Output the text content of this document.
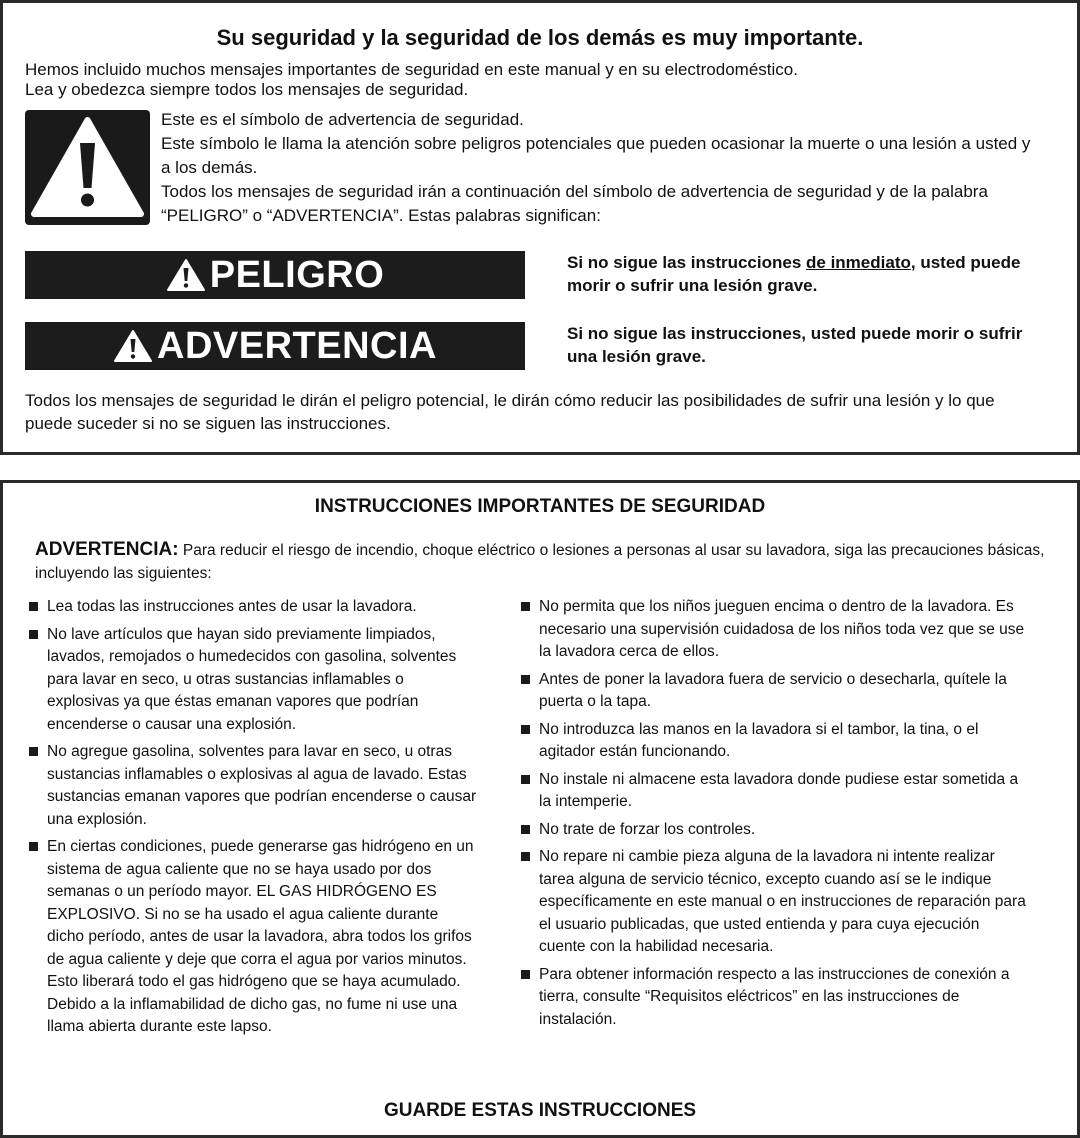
Su seguridad y la seguridad de los demás es muy importante.
Hemos incluido muchos mensajes importantes de seguridad en este manual y en su electrodoméstico.
Lea y obedezca siempre todos los mensajes de seguridad.
Este es el símbolo de advertencia de seguridad.
Este símbolo le llama la atención sobre peligros potenciales que pueden ocasionar la muerte o una lesión a usted y a los demás.
Todos los mensajes de seguridad irán a continuación del símbolo de advertencia de seguridad y de la palabra “PELIGRO” o “ADVERTENCIA”. Estas palabras significan:
PELIGRO	Si no sigue las instrucciones de inmediato, usted puede morir o sufrir una lesión grave.
ADVERTENCIA	Si no sigue las instrucciones, usted puede morir o sufrir una lesión grave.
Todos los mensajes de seguridad le dirán el peligro potencial, le dirán cómo reducir las posibilidades de sufrir una lesión y lo que puede suceder si no se siguen las instrucciones.
INSTRUCCIONES IMPORTANTES DE SEGURIDAD
ADVERTENCIA: Para reducir el riesgo de incendio, choque eléctrico o lesiones a personas al usar su lavadora, siga las precauciones básicas, incluyendo las siguientes:
Lea todas las instrucciones antes de usar la lavadora.
No lave artículos que hayan sido previamente limpiados, lavados, remojados o humedecidos con gasolina, solventes para lavar en seco, u otras sustancias inflamables o explosivas ya que éstas emanan vapores que podrían encenderse o causar una explosión.
No agregue gasolina, solventes para lavar en seco, u otras sustancias inflamables o explosivas al agua de lavado. Estas sustancias emanan vapores que podrían encenderse o causar una explosión.
En ciertas condiciones, puede generarse gas hidrógeno en un sistema de agua caliente que no se haya usado por dos semanas o un período mayor. EL GAS HIDRÓGENO ES EXPLOSIVO. Si no se ha usado el agua caliente durante dicho período, antes de usar la lavadora, abra todos los grifos de agua caliente y deje que corra el agua por varios minutos. Esto liberará todo el gas hidrógeno que se haya acumulado. Debido a la inflamabilidad de dicho gas, no fume ni use una llama abierta durante este lapso.
No permita que los niños jueguen encima o dentro de la lavadora. Es necesario una supervisión cuidadosa de los niños toda vez que se use la lavadora cerca de ellos.
Antes de poner la lavadora fuera de servicio o desecharla, quítele la puerta o la tapa.
No introduzca las manos en la lavadora si el tambor, la tina, o el agitador están funcionando.
No instale ni almacene esta lavadora donde pudiese estar sometida a la intemperie.
No trate de forzar los controles.
No repare ni cambie pieza alguna de la lavadora ni intente realizar tarea alguna de servicio técnico, excepto cuando así se le indique específicamente en este manual o en instrucciones de reparación para el usuario publicadas, que usted entienda y para cuya ejecución cuente con la habilidad necesaria.
Para obtener información respecto a las instrucciones de conexión a tierra, consulte “Requisitos eléctricos” en las instrucciones de instalación.
GUARDE ESTAS INSTRUCCIONES
